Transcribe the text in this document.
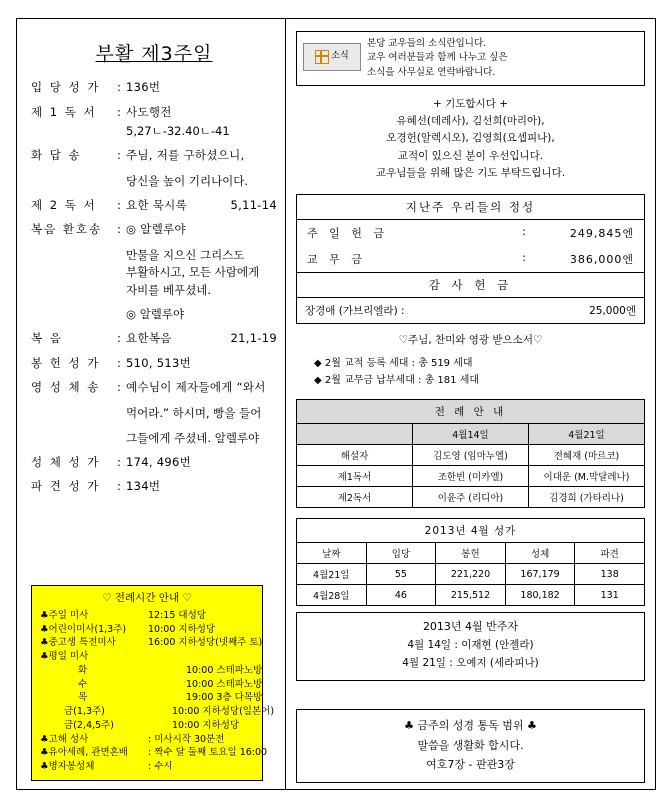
부활 제3주일
입 당 성 가	: 136번
제 1 독 서	: 사도행전
5,27ㄴ-32.40ㄴ-41
화 답 송	: 주님, 저를 구하셨으니,
당신을 높이 기리나이다.
제 2 독 서	: 요한 묵시록	5,11-14
복음 환호송	: ◎ 알렐루야
만물을 지으신 그리스도
부활하시고, 모든 사람에게
자비를 베푸셨네.
◎ 알렐루야
복 음	: 요한복음	21,1-19
봉 헌 성 가	: 510, 513번
영 성 체 송	: 예수님이 제자들에게 “와서
먹어라.” 하시며, 빵을 들어
그들에게 주셨네. 알렐루야
성 체 성 가	: 174, 496번
파 견 성 가	: 134번
♡ 전례시간 안내 ♡
♣주일 미사	12:15 대성당
♣어린이미사(1,3주)	10:00 지하성당
♣중고생 특전미사	16:00 지하성당(넷째주 토)
♣평일 미사
화	10:00 스테파노방
수	10:00 스테파노방
목	19:00 3층 다목방
금(1,3주)	10:00 지하성당(일본어)
금(2,4,5주)	10:00 지하성당
♣고해 성사	: 미사시작 30분전
♣유아세례, 관면혼배	: 짝수 달 둘째 토요일 16:00
♣병자봉성체	: 수시
소식
본당 교우들의 소식란입니다.
교우 여러분들과 함께 나누고 싶은
소식을 사무실로 연락바랍니다.
+ 기도합시다 +
유혜선(데레사), 김선희(마리아),
오경헌(알렉시오), 김영희(요셉피나),
교적이 있으신 분이 우선입니다.
교우님들을 위해 많은 기도 부탁드립니다.
지난주 우리들의 정성
주 일 헌 금	:	249,845엔
교 무 금	:	386,000엔
감 사 헌 금
장경애 (가브리엘라) :	25,000엔
♡주님, 찬미와 영광 받으소서♡
◆ 2월 교적 등록 세대 : 총 519 세대
◆ 2월 교무금 납부세대 : 총 181 세대
전 례 안 내		
	4월14일	4월21일
해설자	김도영 (임마누엘)	전혜재 (마르코)
제1독서	조한빈 (미카엘)	이대운 (M.막달레나)
제2독서	이윤주 (리디아)	김경희 (가타리나)
2013년 4월 성가				
날짜	입당	봉헌	성체	파견
4월21일	55	221,220	167,179	138
4월28일	46	215,512	180,182	131
2013년 4월 반주자
4월 14일 : 이재현 (안젤라)
4월 21일 : 오예지 (세라피나)
♣ 금주의 성경 통독 범위 ♣
말씀을 생활화 합시다.
여호7장 - 판관3장
